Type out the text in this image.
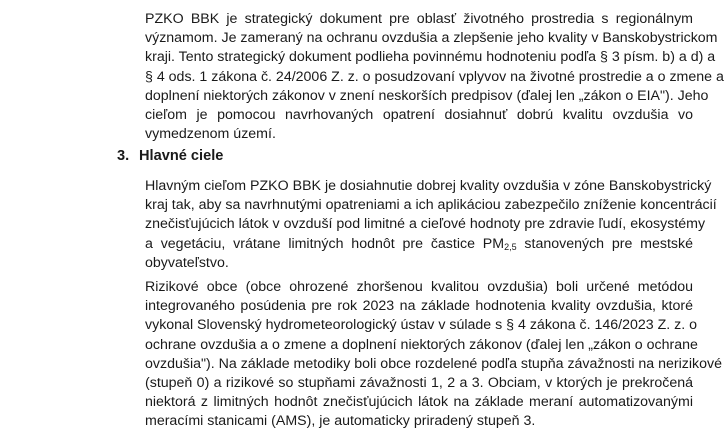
PZKO BBK je strategický dokument pre oblasť životného prostredia s regionálnym
významom. Je zameraný na ochranu ovzdušia a zlepšenie jeho kvality v Banskobystrickom
kraji. Tento strategický dokument podlieha povinnému hodnoteniu podľa § 3 písm. b) a d) a
§ 4 ods. 1 zákona č. 24/2006 Z. z. o posudzovaní vplyvov na životné prostredie a o zmene a
doplnení niektorých zákonov v znení neskorších predpisov (ďalej len „zákon o EIA"). Jeho
cieľom je pomocou navrhovaných opatrení dosiahnuť dobrú kvalitu ovzdušia vo
vymedzenom území.
3. Hlavné ciele
Hlavným cieľom PZKO BBK je dosiahnutie dobrej kvality ovzdušia v zóne Banskobystrický
kraj tak, aby sa navrhnutými opatreniami a ich aplikáciou zabezpečilo zníženie koncentrácií
znečisťujúcich látok v ovzduší pod limitné a cieľové hodnoty pre zdravie ľudí, ekosystémy
a vegetáciu, vrátane limitných hodnôt pre častice $PM_{2,5}$ stanovených pre mestské
obyvateľstvo.
Rizikové obce (obce ohrozené zhoršenou kvalitou ovzdušia) boli určené metódou
integrovaného posúdenia pre rok 2023 na základe hodnotenia kvality ovzdušia, ktoré
vykonal Slovenský hydrometeorologický ústav v súlade s § 4 zákona č. 146/2023 Z. z. o
ochrane ovzdušia a o zmene a doplnení niektorých zákonov (ďalej len „zákon o ochrane
ovzdušia"). Na základe metodiky boli obce rozdelené podľa stupňa závažnosti na nerizikové
(stupeň 0) a rizikové so stupňami závažnosti 1, 2 a 3. Obciam, v ktorých je prekročená
niektorá z limitných hodnôt znečisťujúcich látok na základe meraní automatizovanými
meracími stanicami (AMS), je automaticky priradený stupeň 3.
